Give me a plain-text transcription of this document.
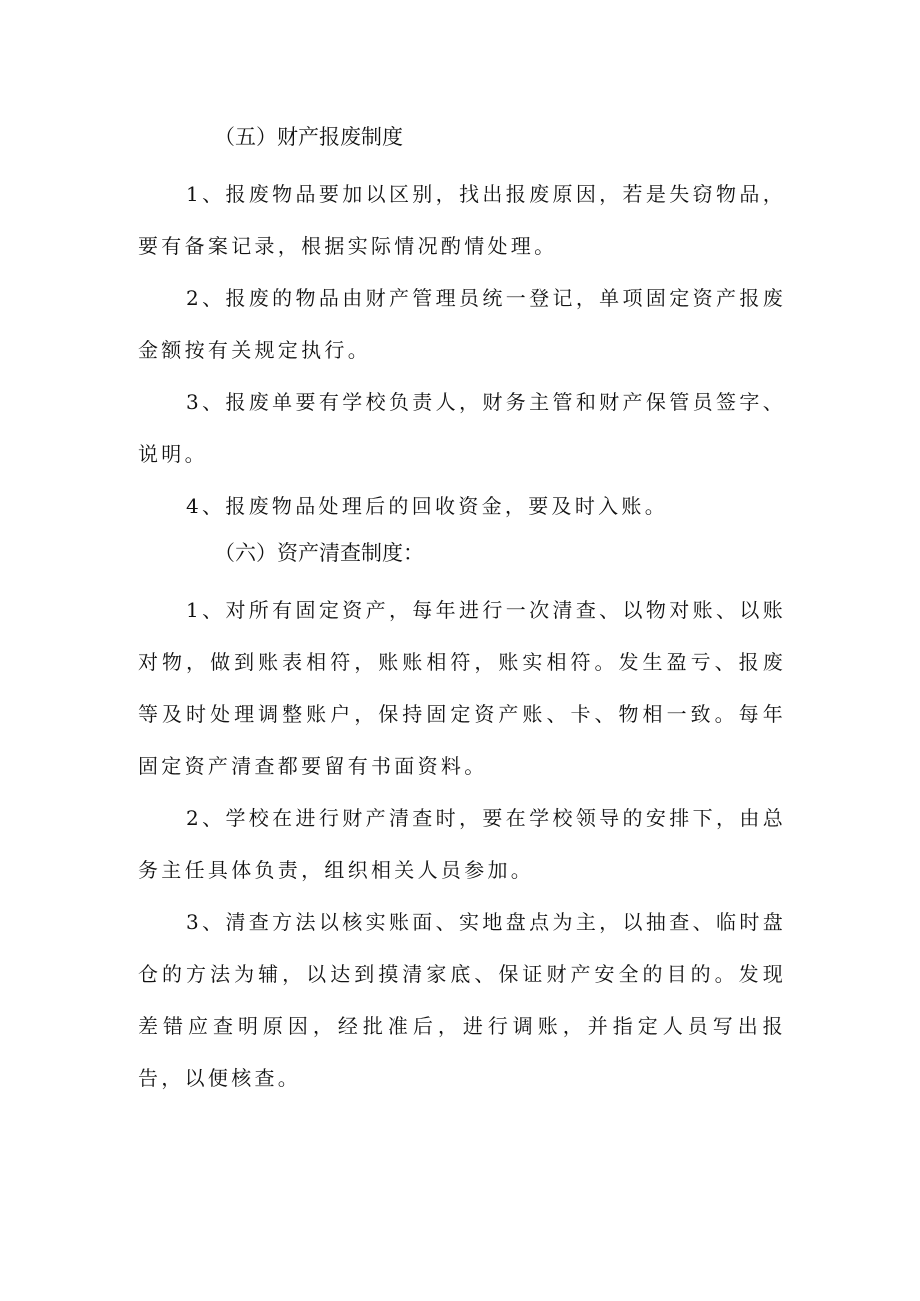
（五）财产报废制度

1、报废物品要加以区别，找出报废原因，若是失窃物品，要有备案记录，根据实际情况酌情处理。

2、报废的物品由财产管理员统一登记，单项固定资产报废金额按有关规定执行。

3、报废单要有学校负责人，财务主管和财产保管员签字、说明。

4、报废物品处理后的回收资金，要及时入账。

（六）资产清查制度：

1、对所有固定资产，每年进行一次清查、以物对账、以账对物，做到账表相符，账账相符，账实相符。发生盈亏、报废等及时处理调整账户，保持固定资产账、卡、物相一致。每年固定资产清查都要留有书面资料。

2、学校在进行财产清查时，要在学校领导的安排下，由总务主任具体负责，组织相关人员参加。

3、清查方法以核实账面、实地盘点为主，以抽查、临时盘仓的方法为辅，以达到摸清家底、保证财产安全的目的。发现差错应查明原因，经批准后，进行调账，并指定人员写出报告，以便核查。
